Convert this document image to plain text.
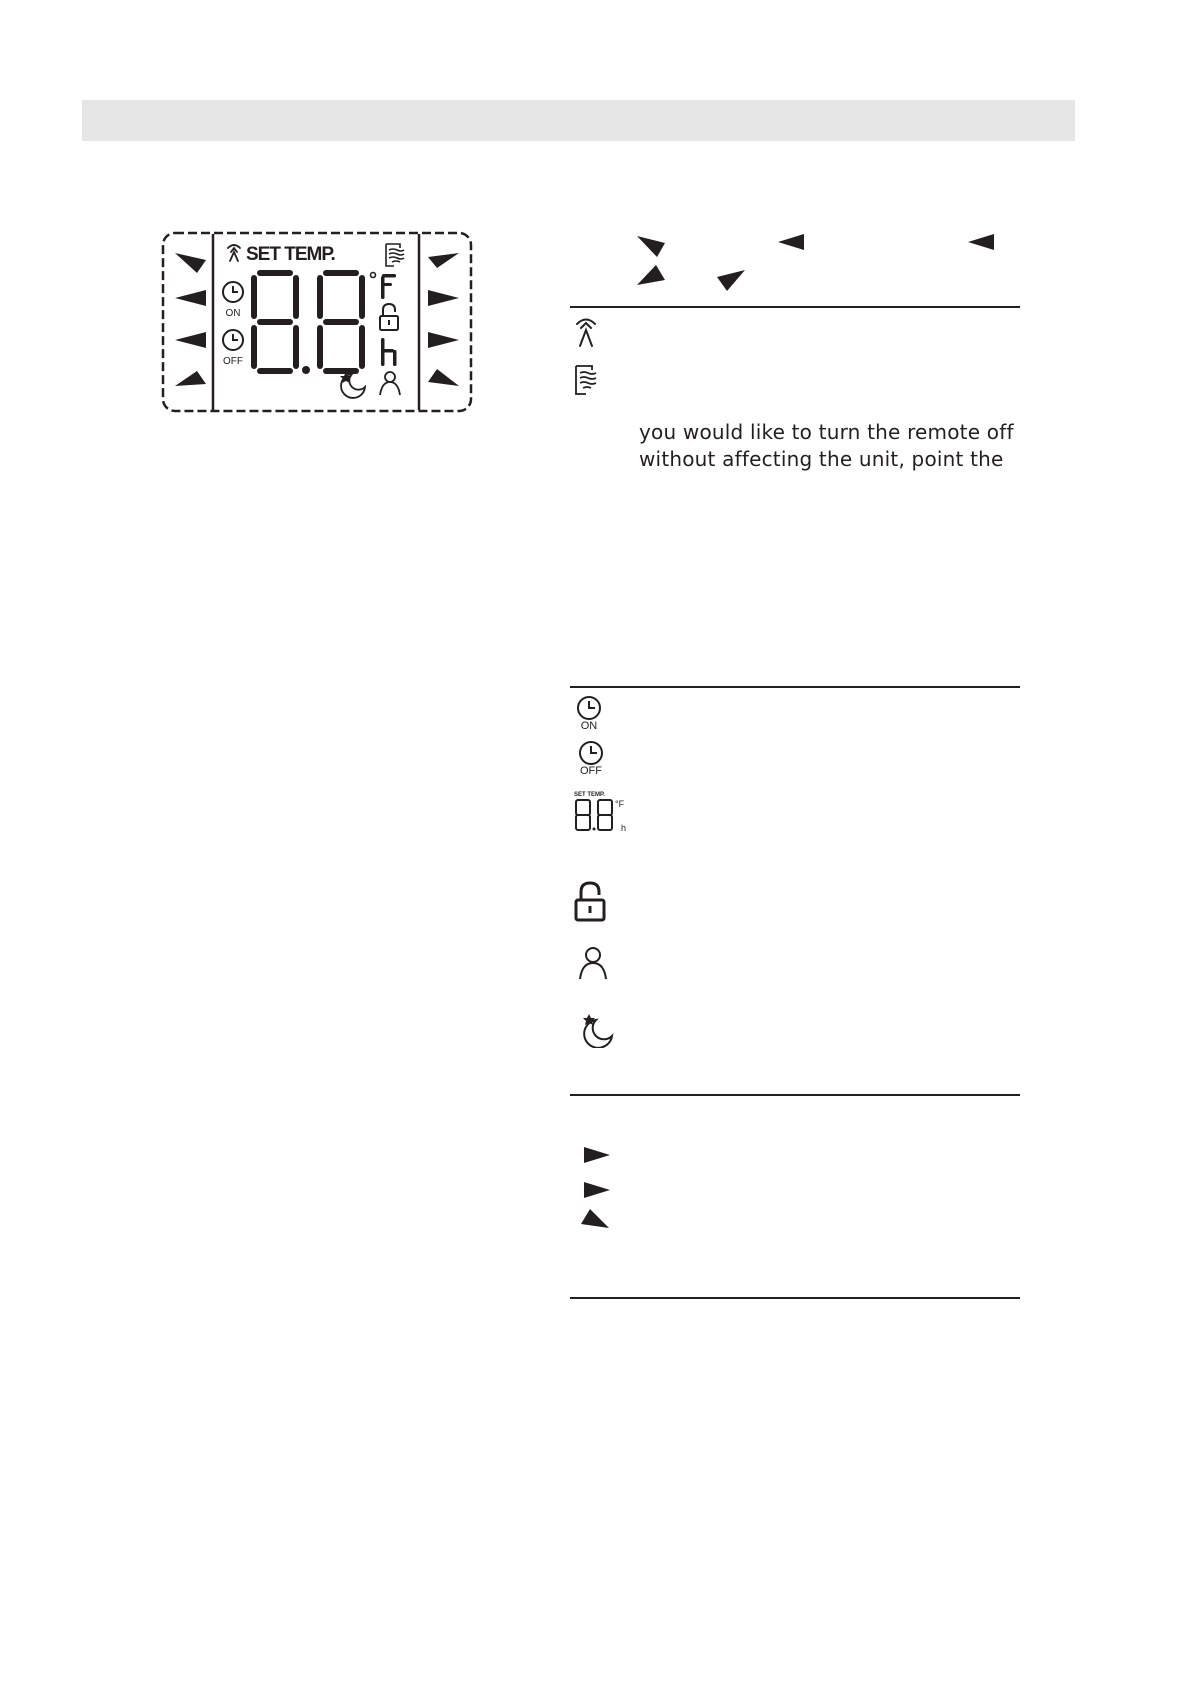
SET TEMP.
ON
OFF
you would like to turn the remote off
without affecting the unit, point the
ON
OFF
SET TEMP.
°F
h
